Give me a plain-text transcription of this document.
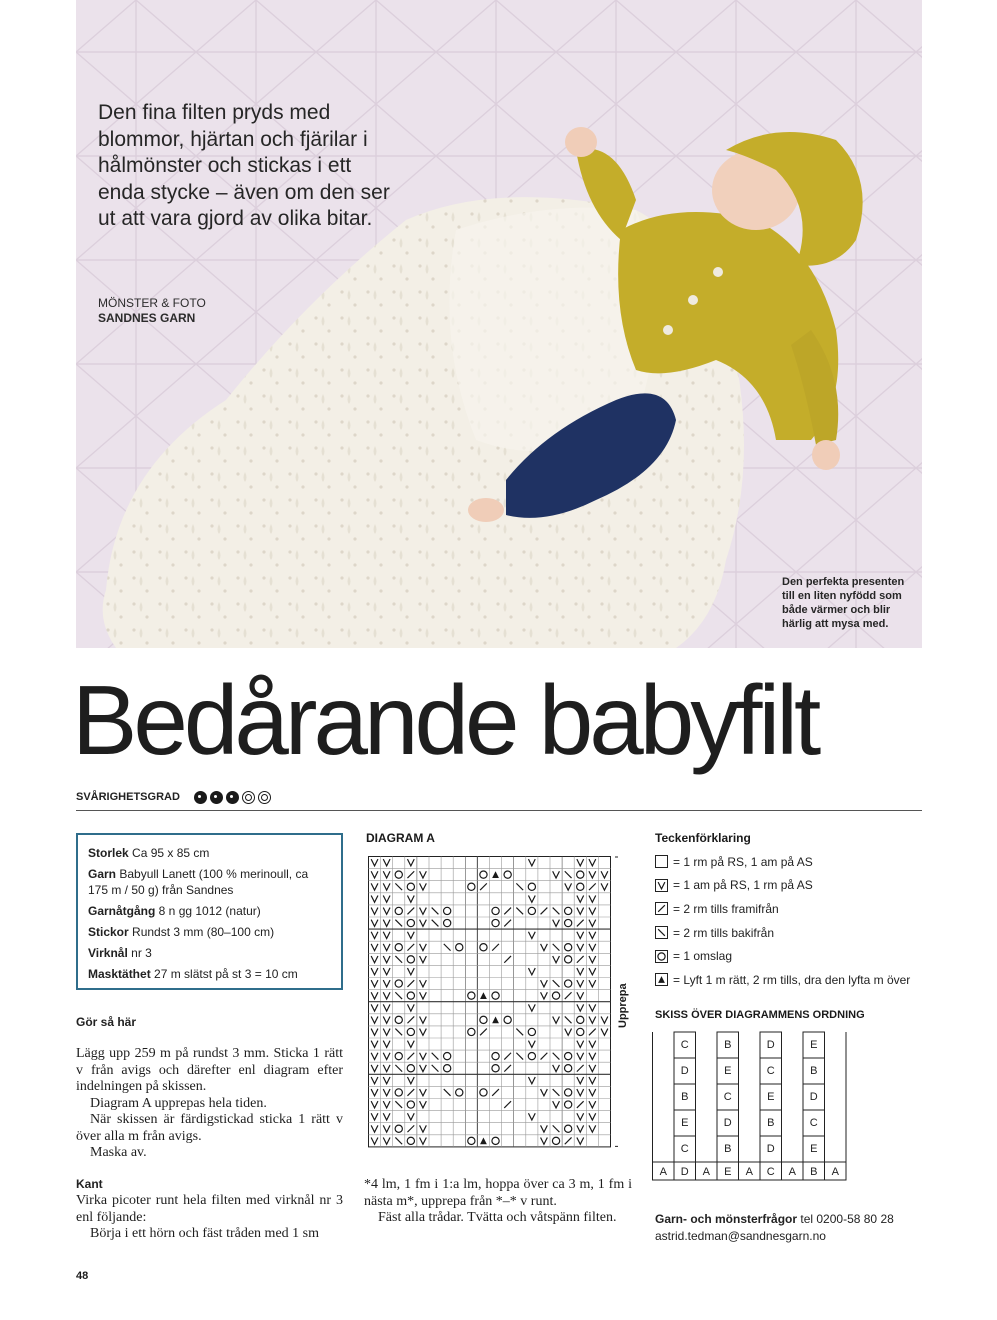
Den fina filten pryds med blommor, hjärtan och fjärilar i hålmönster och stickas i ett enda stycke – även om den ser ut att vara gjord av olika bitar.
MÖNSTER & FOTO
SANDNES GARN
Den perfekta presenten till en liten nyfödd som både värmer och blir härlig att mysa med.
Bedårande babyfilt
SVÅRIGHETSGRAD
Storlek Ca 95 x 85 cm
Garn Babyull Lanett (100 % merinoull, ca 175 m / 50 g) från Sandnes
Garnåtgång 8 n gg 1012 (natur)
Stickor Rundst 3 mm (80–100 cm)
Virknål nr 3
Masktäthet 27 m slätst på st 3 = 10 cm
Gör så här

Lägg upp 259 m på rundst 3 mm. Sticka 1 rätt v från avigs och därefter enl diagram efter indelningen på skissen.

Diagram A upprepas hela tiden.

När skissen är färdigstickad sticka 1 rätt v över alla m från avigs.

Maska av.

Kant

Virka picoter runt hela filten med virknål nr 3 enl följande:

Börja i ett hörn och fäst tråden med 1 sm

DIAGRAM A
Upprepa

*4 lm, 1 fm i 1:a lm, hoppa över ca 3 m, 1 fm i nästa m*, upprepa från *–* v runt.

Fäst alla trådar. Tvätta och våtspänn filten.

Teckenförklaring
= 1 rm på RS, 1 am på AS
= 1 am på RS, 1 rm på AS
= 2 rm tills framifrån
= 2 rm tills bakifrån
= 1 omslag
= Lyft 1 m rätt, 2 rm tills, dra den lyfta m över
SKISS ÖVER DIAGRAMMENS ORDNING
A D A E A C A B A
C
D
B
E
C
B
E
C
D
B
D
C
E
B
D
E
B
D
C
E
Garn- och mönsterfrågor tel 0200-58 80 28
astrid.tedman@sandnesgarn.no
48
